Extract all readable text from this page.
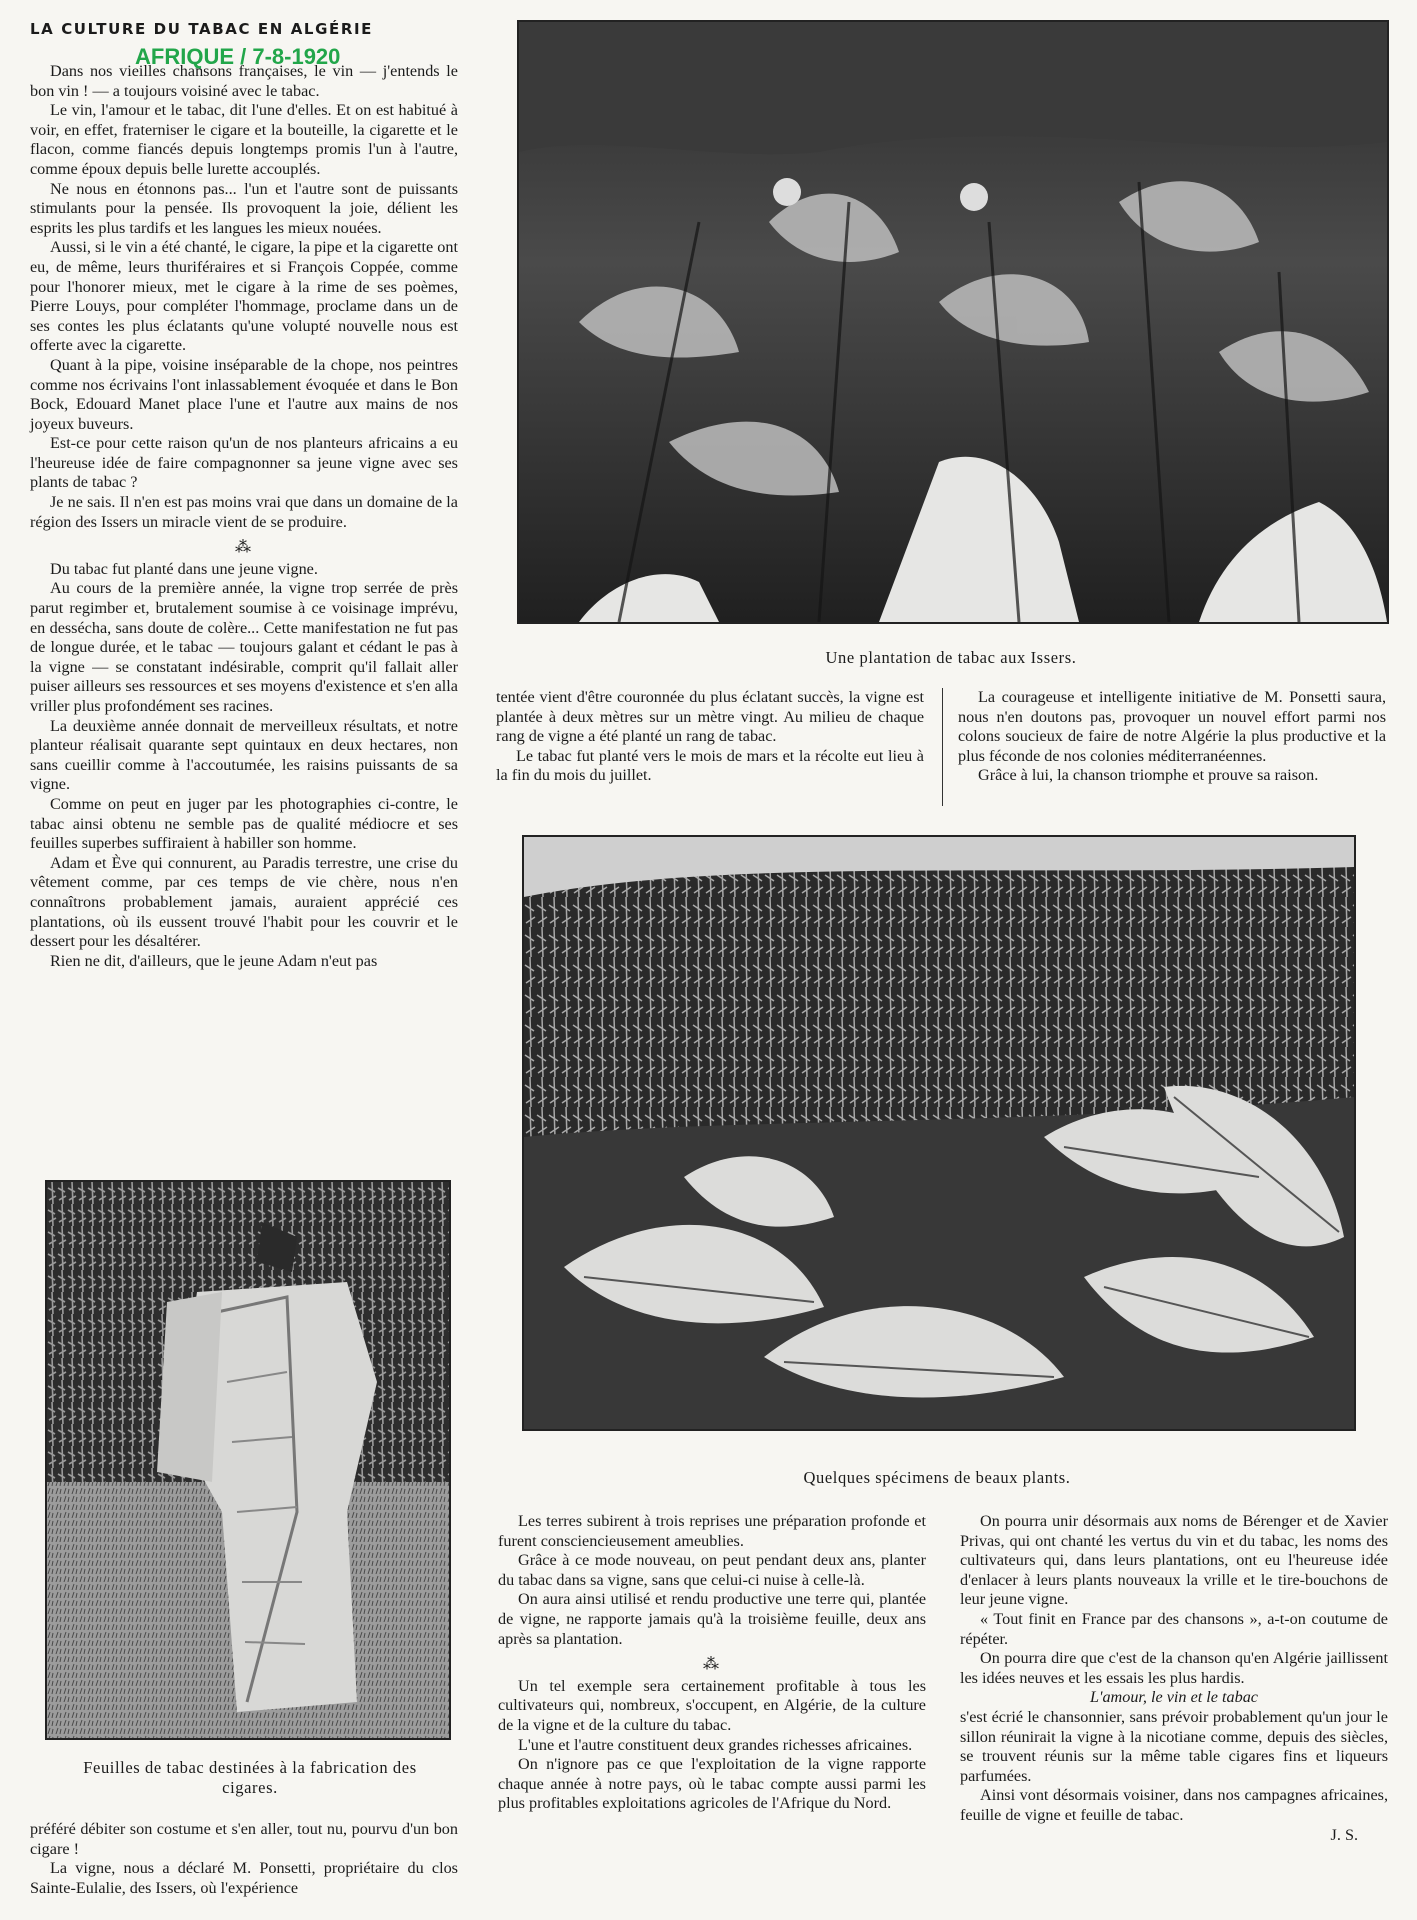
LA CULTURE DU TABAC EN ALGÉRIE
AFRIQUE / 7-8-1920

Dans nos vieilles chansons françaises, le vin — j'entends le bon vin ! — a toujours voisiné avec le tabac.

Le vin, l'amour et le tabac, dit l'une d'elles. Et on est habitué à voir, en effet, fraterniser le cigare et la bouteille, la cigarette et le flacon, comme fiancés depuis longtemps promis l'un à l'autre, comme époux depuis belle lurette accouplés.

Ne nous en étonnons pas... l'un et l'autre sont de puissants stimulants pour la pensée. Ils provoquent la joie, délient les esprits les plus tardifs et les langues les mieux nouées.

Aussi, si le vin a été chanté, le cigare, la pipe et la cigarette ont eu, de même, leurs thuriféraires et si François Coppée, comme pour l'honorer mieux, met le cigare à la rime de ses poèmes, Pierre Louys, pour compléter l'hommage, proclame dans un de ses contes les plus éclatants qu'une volupté nouvelle nous est offerte avec la cigarette.

Quant à la pipe, voisine inséparable de la chope, nos peintres comme nos écrivains l'ont inlassablement évoquée et dans le Bon Bock, Edouard Manet place l'une et l'autre aux mains de nos joyeux buveurs.

Est-ce pour cette raison qu'un de nos planteurs africains a eu l'heureuse idée de faire compagnonner sa jeune vigne avec ses plants de tabac ?

Je ne sais. Il n'en est pas moins vrai que dans un domaine de la région des Issers un miracle vient de se produire.

⁂

Du tabac fut planté dans une jeune vigne.

Au cours de la première année, la vigne trop serrée de près parut regimber et, brutalement soumise à ce voisinage imprévu, en dessécha, sans doute de colère... Cette manifestation ne fut pas de longue durée, et le tabac — toujours galant et cédant le pas à la vigne — se constatant indésirable, comprit qu'il fallait aller puiser ailleurs ses ressources et ses moyens d'existence et s'en alla vriller plus profondément ses racines.

La deuxième année donnait de merveilleux résultats, et notre planteur réalisait quarante sept quintaux en deux hectares, non sans cueillir comme à l'accoutumée, les raisins puissants de sa vigne.

Comme on peut en juger par les photographies ci-contre, le tabac ainsi obtenu ne semble pas de qualité médiocre et ses feuilles superbes suffiraient à habiller son homme.

Adam et Ève qui connurent, au Paradis terrestre, une crise du vêtement comme, par ces temps de vie chère, nous n'en connaîtrons probablement jamais, auraient apprécié ces plantations, où ils eussent trouvé l'habit pour les couvrir et le dessert pour les désaltérer.

Rien ne dit, d'ailleurs, que le jeune Adam n'eut pas

Feuilles de tabac destinées à la fabrication des cigares.

préféré débiter son costume et s'en aller, tout nu, pourvu d'un bon cigare !

La vigne, nous a déclaré M. Ponsetti, propriétaire du clos Sainte-Eulalie, des Issers, où l'expérience

Une plantation de tabac aux Issers.

tentée vient d'être couronnée du plus éclatant succès, la vigne est plantée à deux mètres sur un mètre vingt. Au milieu de chaque rang de vigne a été planté un rang de tabac.

Le tabac fut planté vers le mois de mars et la récolte eut lieu à la fin du mois du juillet.

La courageuse et intelligente initiative de M. Ponsetti saura, nous n'en doutons pas, provoquer un nouvel effort parmi nos colons soucieux de faire de notre Algérie la plus productive et la plus féconde de nos colonies méditerranéennes.

Grâce à lui, la chanson triomphe et prouve sa raison.

Quelques spécimens de beaux plants.

Les terres subirent à trois reprises une préparation profonde et furent consciencieusement ameublies.

Grâce à ce mode nouveau, on peut pendant deux ans, planter du tabac dans sa vigne, sans que celui-ci nuise à celle-là.

On aura ainsi utilisé et rendu productive une terre qui, plantée de vigne, ne rapporte jamais qu'à la troisième feuille, deux ans après sa plantation.

⁂

Un tel exemple sera certainement profitable à tous les cultivateurs qui, nombreux, s'occupent, en Algérie, de la culture de la vigne et de la culture du tabac.

L'une et l'autre constituent deux grandes richesses africaines.

On n'ignore pas ce que l'exploitation de la vigne rapporte chaque année à notre pays, où le tabac compte aussi parmi les plus profitables exploitations agricoles de l'Afrique du Nord.

On pourra unir désormais aux noms de Bérenger et de Xavier Privas, qui ont chanté les vertus du vin et du tabac, les noms des cultivateurs qui, dans leurs plantations, ont eu l'heureuse idée d'enlacer à leurs plants nouveaux la vrille et le tire-bouchons de leur jeune vigne.

« Tout finit en France par des chansons », a-t-on coutume de répéter.

On pourra dire que c'est de la chanson qu'en Algérie jaillissent les idées neuves et les essais les plus hardis.

L'amour, le vin et le tabac

s'est écrié le chansonnier, sans prévoir probablement qu'un jour le sillon réunirait la vigne à la nicotiane comme, depuis des siècles, se trouvent réunis sur la même table cigares fins et liqueurs parfumées.

Ainsi vont désormais voisiner, dans nos campagnes africaines, feuille de vigne et feuille de tabac.

J. S.
